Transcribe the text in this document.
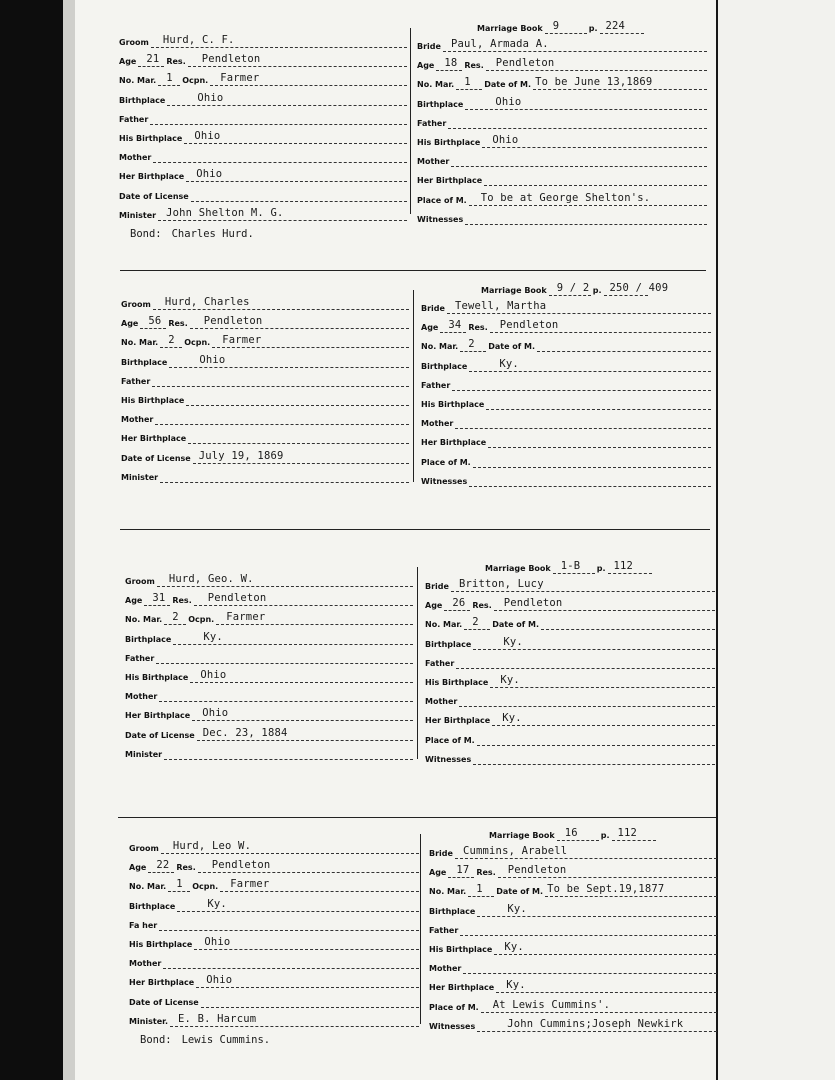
Groom Hurd, C. F.
Age 21 Res. Pendleton
No. Mar. 1 Ocpn. Farmer
Birthplace	Ohio
Father
His Birthplace Ohio
Mother
Her Birthplace Ohio
Date of License
Minister John Shelton M. G.
Bond: Charles Hurd.
Marriage Book 9	p. 224
Bride Paul, Armada A.
Age 18 Res. Pendleton
No. Mar. 1 Date of M. To be June 13,1869
Birthplace	Ohio
Father
His Birthplace Ohio
Mother
Her Birthplace
Place of M. To be at George Shelton's.
Witnesses
Groom Hurd, Charles
Age 56 Res. Pendleton
No. Mar. 2 Ocpn. Farmer
Birthplace	Ohio
Father
His Birthplace
Mother
Her Birthplace
Date of License July 19, 1869
Minister
Marriage Book 9 / 2 p. 250 / 409
Bride Tewell, Martha
Age 34 Res. Pendleton
No. Mar. 2 Date of M.
Birthplace	Ky.
Father
His Birthplace
Mother
Her Birthplace
Place of M.
Witnesses
Groom Hurd, Geo. W.
Age 31 Res. Pendleton
No. Mar. 2 Ocpn. Farmer
Birthplace	Ky.
Father
His Birthplace Ohio
Mother
Her Birthplace Ohio
Date of License Dec. 23, 1884
Minister
Marriage Book 1-B p. 112
Bride Britton, Lucy
Age 26 Res. Pendleton
No. Mar. 2 Date of M.
Birthplace	Ky.
Father
His Birthplace Ky.
Mother
Her Birthplace Ky.
Place of M.
Witnesses
Groom Hurd, Leo W.
Age 22 Res. Pendleton
No. Mar. 1 Ocpn. Farmer
Birthplace	Ky.
Fa her
His Birthplace Ohio
Mother
Her Birthplace Ohio
Date of License
Minister. E. B. Harcum
Bond: Lewis Cummins.
Marriage Book 16	p. 112
Bride Cummins, Arabell
Age 17 Res. Pendleton
No. Mar. 1 Date of M. To be Sept.19,1877
Birthplace	Ky.
Father
His Birthplace Ky.
Mother
Her Birthplace Ky.
Place of M. At Lewis Cummins'.
Witnesses	John Cummins;Joseph Newkirk
